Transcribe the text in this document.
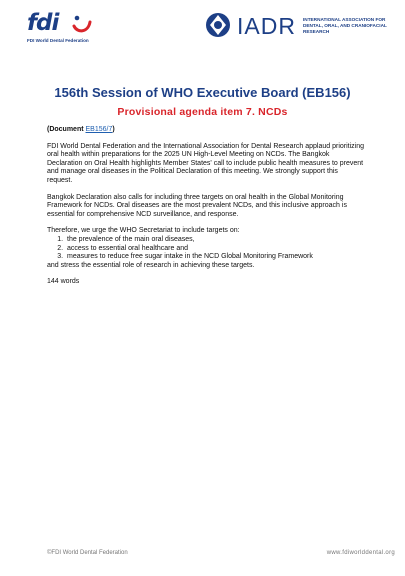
fdi
FDI World Dental Federation
IADR INTERNATIONAL ASSOCIATION FOR DENTAL, ORAL, AND CRANIOFACIAL RESEARCH
156th Session of WHO Executive Board (EB156)
Provisional agenda item 7. NCDs

(Document EB156/7)

FDI World Dental Federation and the International Association for Dental Research applaud prioritizing oral health within preparations for the 2025 UN High-Level Meeting on NCDs. The Bangkok Declaration on Oral Health highlights Member States' call to include public health measures to prevent and manage oral diseases in the Political Declaration of this meeting. We strongly support this request.

Bangkok Declaration also calls for including three targets on oral health in the Global Monitoring Framework for NCDs. Oral diseases are the most prevalent NCDs, and this inclusive approach is essential for comprehensive NCD surveillance, and response.

Therefore, we urge the WHO Secretariat to include targets on:
1. the prevalence of the main oral diseases,
2. access to essential oral healthcare and
3. measures to reduce free sugar intake in the NCD Global Monitoring Framework
and stress the essential role of research in achieving these targets.

144 words

©FDI World Dental Federation	www.fdiworlddental.org
